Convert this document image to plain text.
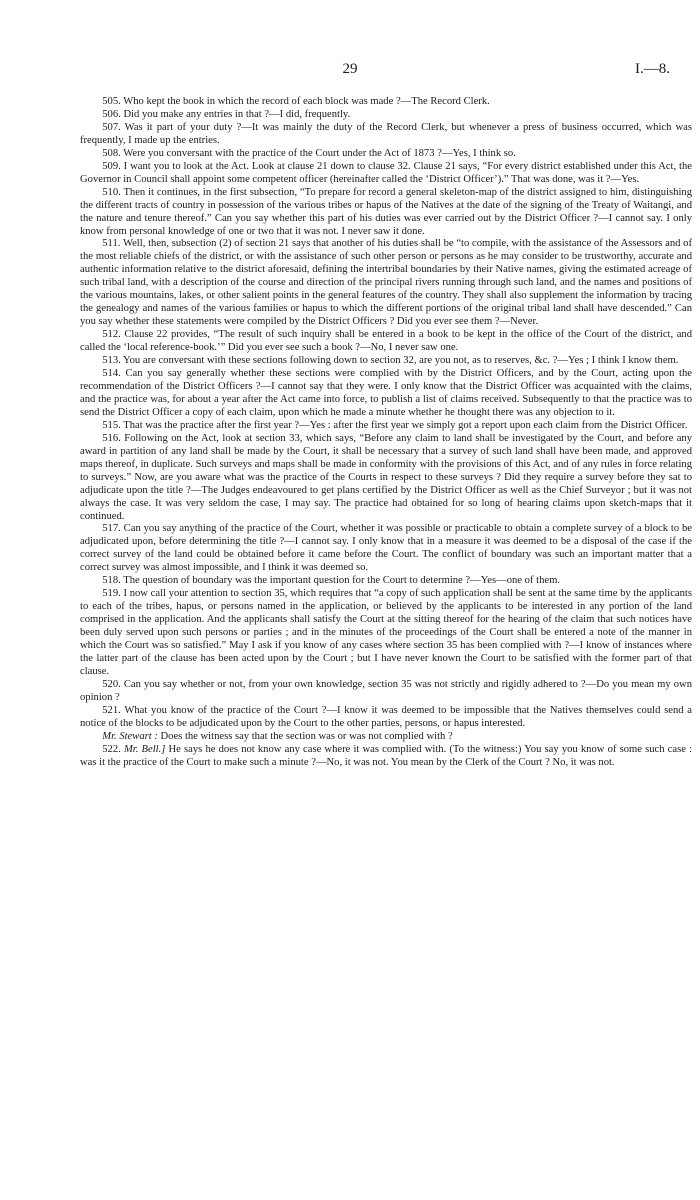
29	I.—8.

505. Who kept the book in which the record of each block was made ?—The Record Clerk.

506. Did you make any entries in that ?—I did, frequently.

507. Was it part of your duty ?—It was mainly the duty of the Record Clerk, but whenever a press of business occurred, which was frequently, I made up the entries.

508. Were you conversant with the practice of the Court under the Act of 1873 ?—Yes, I think so.

509. I want you to look at the Act. Look at clause 21 down to clause 32. Clause 21 says, “For every district established under this Act, the Governor in Council shall appoint some competent officer (hereinafter called the ‘District Officer’).” That was done, was it ?—Yes.

510. Then it continues, in the first subsection, “To prepare for record a general skeleton-map of the district assigned to him, distinguishing the different tracts of country in possession of the various tribes or hapus of the Natives at the date of the signing of the Treaty of Waitangi, and the nature and tenure thereof.” Can you say whether this part of his duties was ever carried out by the District Officer ?—I cannot say. I only know from personal knowledge of one or two that it was not. I never saw it done.

511. Well, then, subsection (2) of section 21 says that another of his duties shall be “to compile, with the assistance of the Assessors and of the most reliable chiefs of the district, or with the assistance of such other person or persons as he may consider to be trustworthy, accurate and authentic information relative to the district aforesaid, defining the intertribal boundaries by their Native names, giving the estimated acreage of such tribal land, with a description of the course and direction of the principal rivers running through such land, and the names and positions of the various mountains, lakes, or other salient points in the general features of the country. They shall also supplement the information by tracing the genealogy and names of the various families or hapus to which the different portions of the original tribal land shall have descended.” Can you say whether these statements were compiled by the District Officers ? Did you ever see them ?—Never.

512. Clause 22 provides, “The result of such inquiry shall be entered in a book to be kept in the office of the Court of the district, and called the ‘local reference-book.’” Did you ever see such a book ?—No, I never saw one.

513. You are conversant with these sections following down to section 32, are you not, as to reserves, &c. ?—Yes ; I think I know them.

514. Can you say generally whether these sections were complied with by the District Officers, and by the Court, acting upon the recommendation of the District Officers ?—I cannot say that they were. I only know that the District Officer was acquainted with the claims, and the practice was, for about a year after the Act came into force, to publish a list of claims received. Subsequently to that the practice was to send the District Officer a copy of each claim, upon which he made a minute whether he thought there was any objection to it.

515. That was the practice after the first year ?—Yes : after the first year we simply got a report upon each claim from the District Officer.

516. Following on the Act, look at section 33, which says, “Before any claim to land shall be investigated by the Court, and before any award in partition of any land shall be made by the Court, it shall be necessary that a survey of such land shall have been made, and approved maps thereof, in duplicate. Such surveys and maps shall be made in conformity with the provisions of this Act, and of any rules in force relating to surveys.” Now, are you aware what was the practice of the Courts in respect to these surveys ? Did they require a survey before they sat to adjudicate upon the title ?—The Judges endeavoured to get plans certified by the District Officer as well as the Chief Surveyor ; but it was not always the case. It was very seldom the case, I may say. The practice had obtained for so long of hearing claims upon sketch-maps that it continued.

517. Can you say anything of the practice of the Court, whether it was possible or practicable to obtain a complete survey of a block to be adjudicated upon, before determining the title ?—I cannot say. I only know that in a measure it was deemed to be a disposal of the case if the correct survey of the land could be obtained before it came before the Court. The conflict of boundary was such an important matter that a correct survey was almost impossible, and I think it was deemed so.

518. The question of boundary was the important question for the Court to determine ?—Yes—one of them.

519. I now call your attention to section 35, which requires that “a copy of such application shall be sent at the same time by the applicants to each of the tribes, hapus, or persons named in the application, or believed by the applicants to be interested in any portion of the land comprised in the application. And the applicants shall satisfy the Court at the sitting thereof for the hearing of the claim that such notices have been duly served upon such persons or parties ; and in the minutes of the proceedings of the Court shall be entered a note of the manner in which the Court was so satisfied.” May I ask if you know of any cases where section 35 has been complied with ?—I know of instances where the latter part of the clause has been acted upon by the Court ; but I have never known the Court to be satisfied with the former part of that clause.

520. Can you say whether or not, from your own knowledge, section 35 was not strictly and rigidly adhered to ?—Do you mean my own opinion ?

521. What you know of the practice of the Court ?—I know it was deemed to be impossible that the Natives themselves could send a notice of the blocks to be adjudicated upon by the Court to the other parties, persons, or hapus interested.

Mr. Stewart : Does the witness say that the section was or was not complied with ?

522. Mr. Bell.] He says he does not know any case where it was complied with. (To the witness:) You say you know of some such case : was it the practice of the Court to make such a minute ?—No, it was not. You mean by the Clerk of the Court ? No, it was not.
